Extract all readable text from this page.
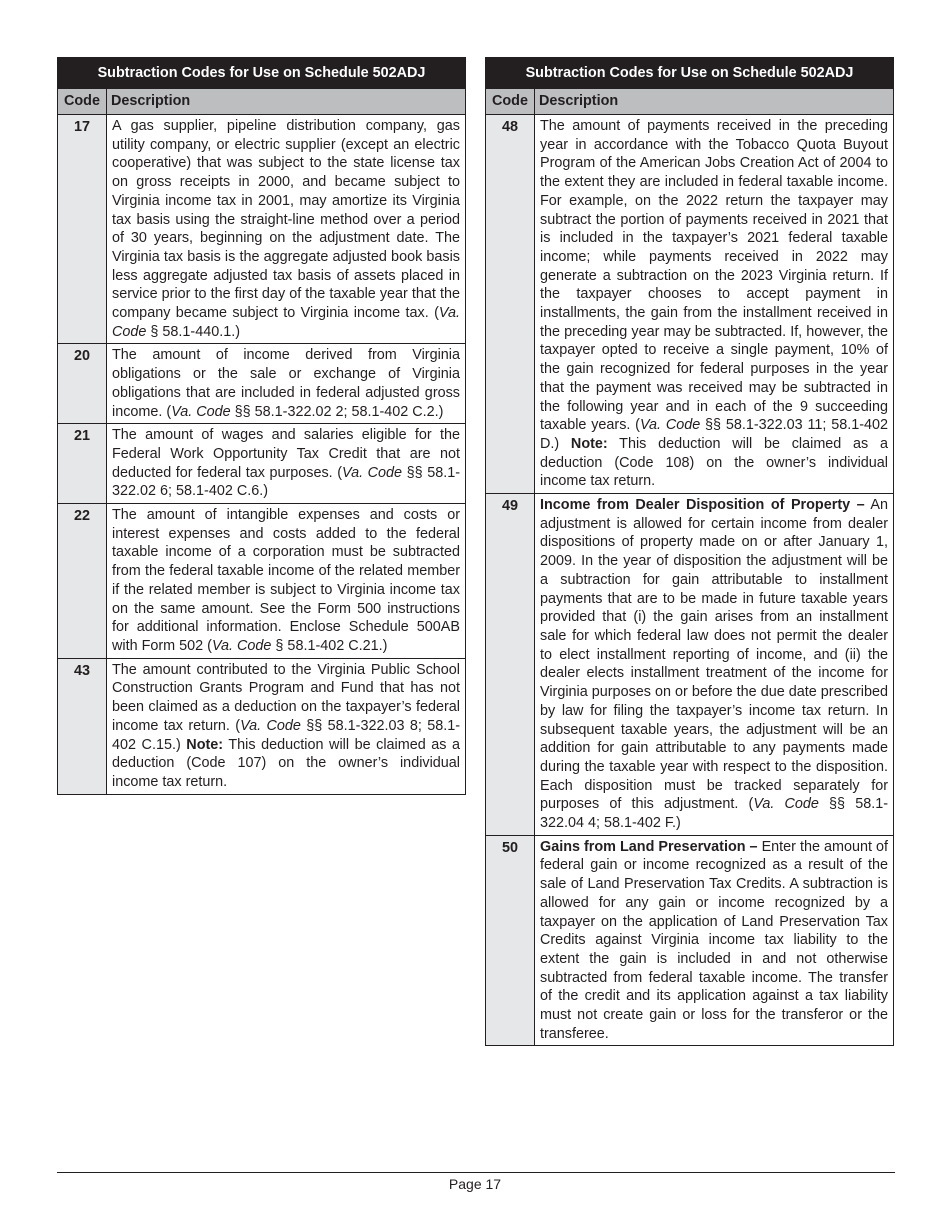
Subtraction Codes for Use on Schedule 502ADJ	
Code	Description
17	A gas supplier, pipeline distribution company, gas utility company, or electric supplier (except an electric cooperative) that was subject to the state license tax on gross receipts in 2000, and became subject to Virginia income tax in 2001, may amortize its Virginia tax basis using the straight-line method over a period of 30 years, beginning on the adjustment date. The Virginia tax basis is the aggregate adjusted book basis less aggregate adjusted tax basis of assets placed in service prior to the first day of the taxable year that the company became subject to Virginia income tax. (Va. Code § 58.1-440.1.)
20	The amount of income derived from Virginia obligations or the sale or exchange of Virginia obligations that are included in federal adjusted gross income. (Va. Code §§ 58.1-322.02 2; 58.1-402 C.2.)
21	The amount of wages and salaries eligible for the Federal Work Opportunity Tax Credit that are not deducted for federal tax purposes. (Va. Code §§ 58.1-322.02 6; 58.1-402 C.6.)
22	The amount of intangible expenses and costs or interest expenses and costs added to the federal taxable income of a corporation must be subtracted from the federal taxable income of the related member if the related member is subject to Virginia income tax on the same amount. See the Form 500 instructions for additional information. Enclose Schedule 500AB with Form 502 (Va. Code § 58.1-402 C.21.)
43	The amount contributed to the Virginia Public School Construction Grants Program and Fund that has not been claimed as a deduction on the taxpayer’s federal income tax return. (Va. Code §§ 58.1-322.03 8; 58.1-402 C.15.) Note: This deduction will be claimed as a deduction (Code 107) on the owner’s individual income tax return.
Subtraction Codes for Use on Schedule 502ADJ	
Code	Description
48	The amount of payments received in the preceding year in accordance with the Tobacco Quota Buyout Program of the American Jobs Creation Act of 2004 to the extent they are included in federal taxable income. For example, on the 2022 return the taxpayer may subtract the portion of payments received in 2021 that is included in the taxpayer’s 2021 federal taxable income; while payments received in 2022 may generate a subtraction on the 2023 Virginia return. If the taxpayer chooses to accept payment in installments, the gain from the installment received in the preceding year may be subtracted. If, however, the taxpayer opted to receive a single payment, 10% of the gain recognized for federal purposes in the year that the payment was received may be subtracted in the following year and in each of the 9 succeeding taxable years. (Va. Code §§ 58.1-322.03 11; 58.1-402 D.) Note: This deduction will be claimed as a deduction (Code 108) on the owner’s individual income tax return.
49	Income from Dealer Disposition of Property – An adjustment is allowed for certain income from dealer dispositions of property made on or after January 1, 2009. In the year of disposition the adjustment will be a subtraction for gain attributable to installment payments that are to be made in future taxable years provided that (i) the gain arises from an installment sale for which federal law does not permit the dealer to elect installment reporting of income, and (ii) the dealer elects installment treatment of the income for Virginia purposes on or before the due date prescribed by law for filing the taxpayer’s income tax return. In subsequent taxable years, the adjustment will be an addition for gain attributable to any payments made during the taxable year with respect to the disposition. Each disposition must be tracked separately for purposes of this adjustment. (Va. Code §§ 58.1-322.04 4; 58.1-402 F.)
50	Gains from Land Preservation – Enter the amount of federal gain or income recognized as a result of the sale of Land Preservation Tax Credits. A subtraction is allowed for any gain or income recognized by a taxpayer on the application of Land Preservation Tax Credits against Virginia income tax liability to the extent the gain is included in and not otherwise subtracted from federal taxable income. The transfer of the credit and its application against a tax liability must not create gain or loss for the transferor or the transferee.
Page 17
